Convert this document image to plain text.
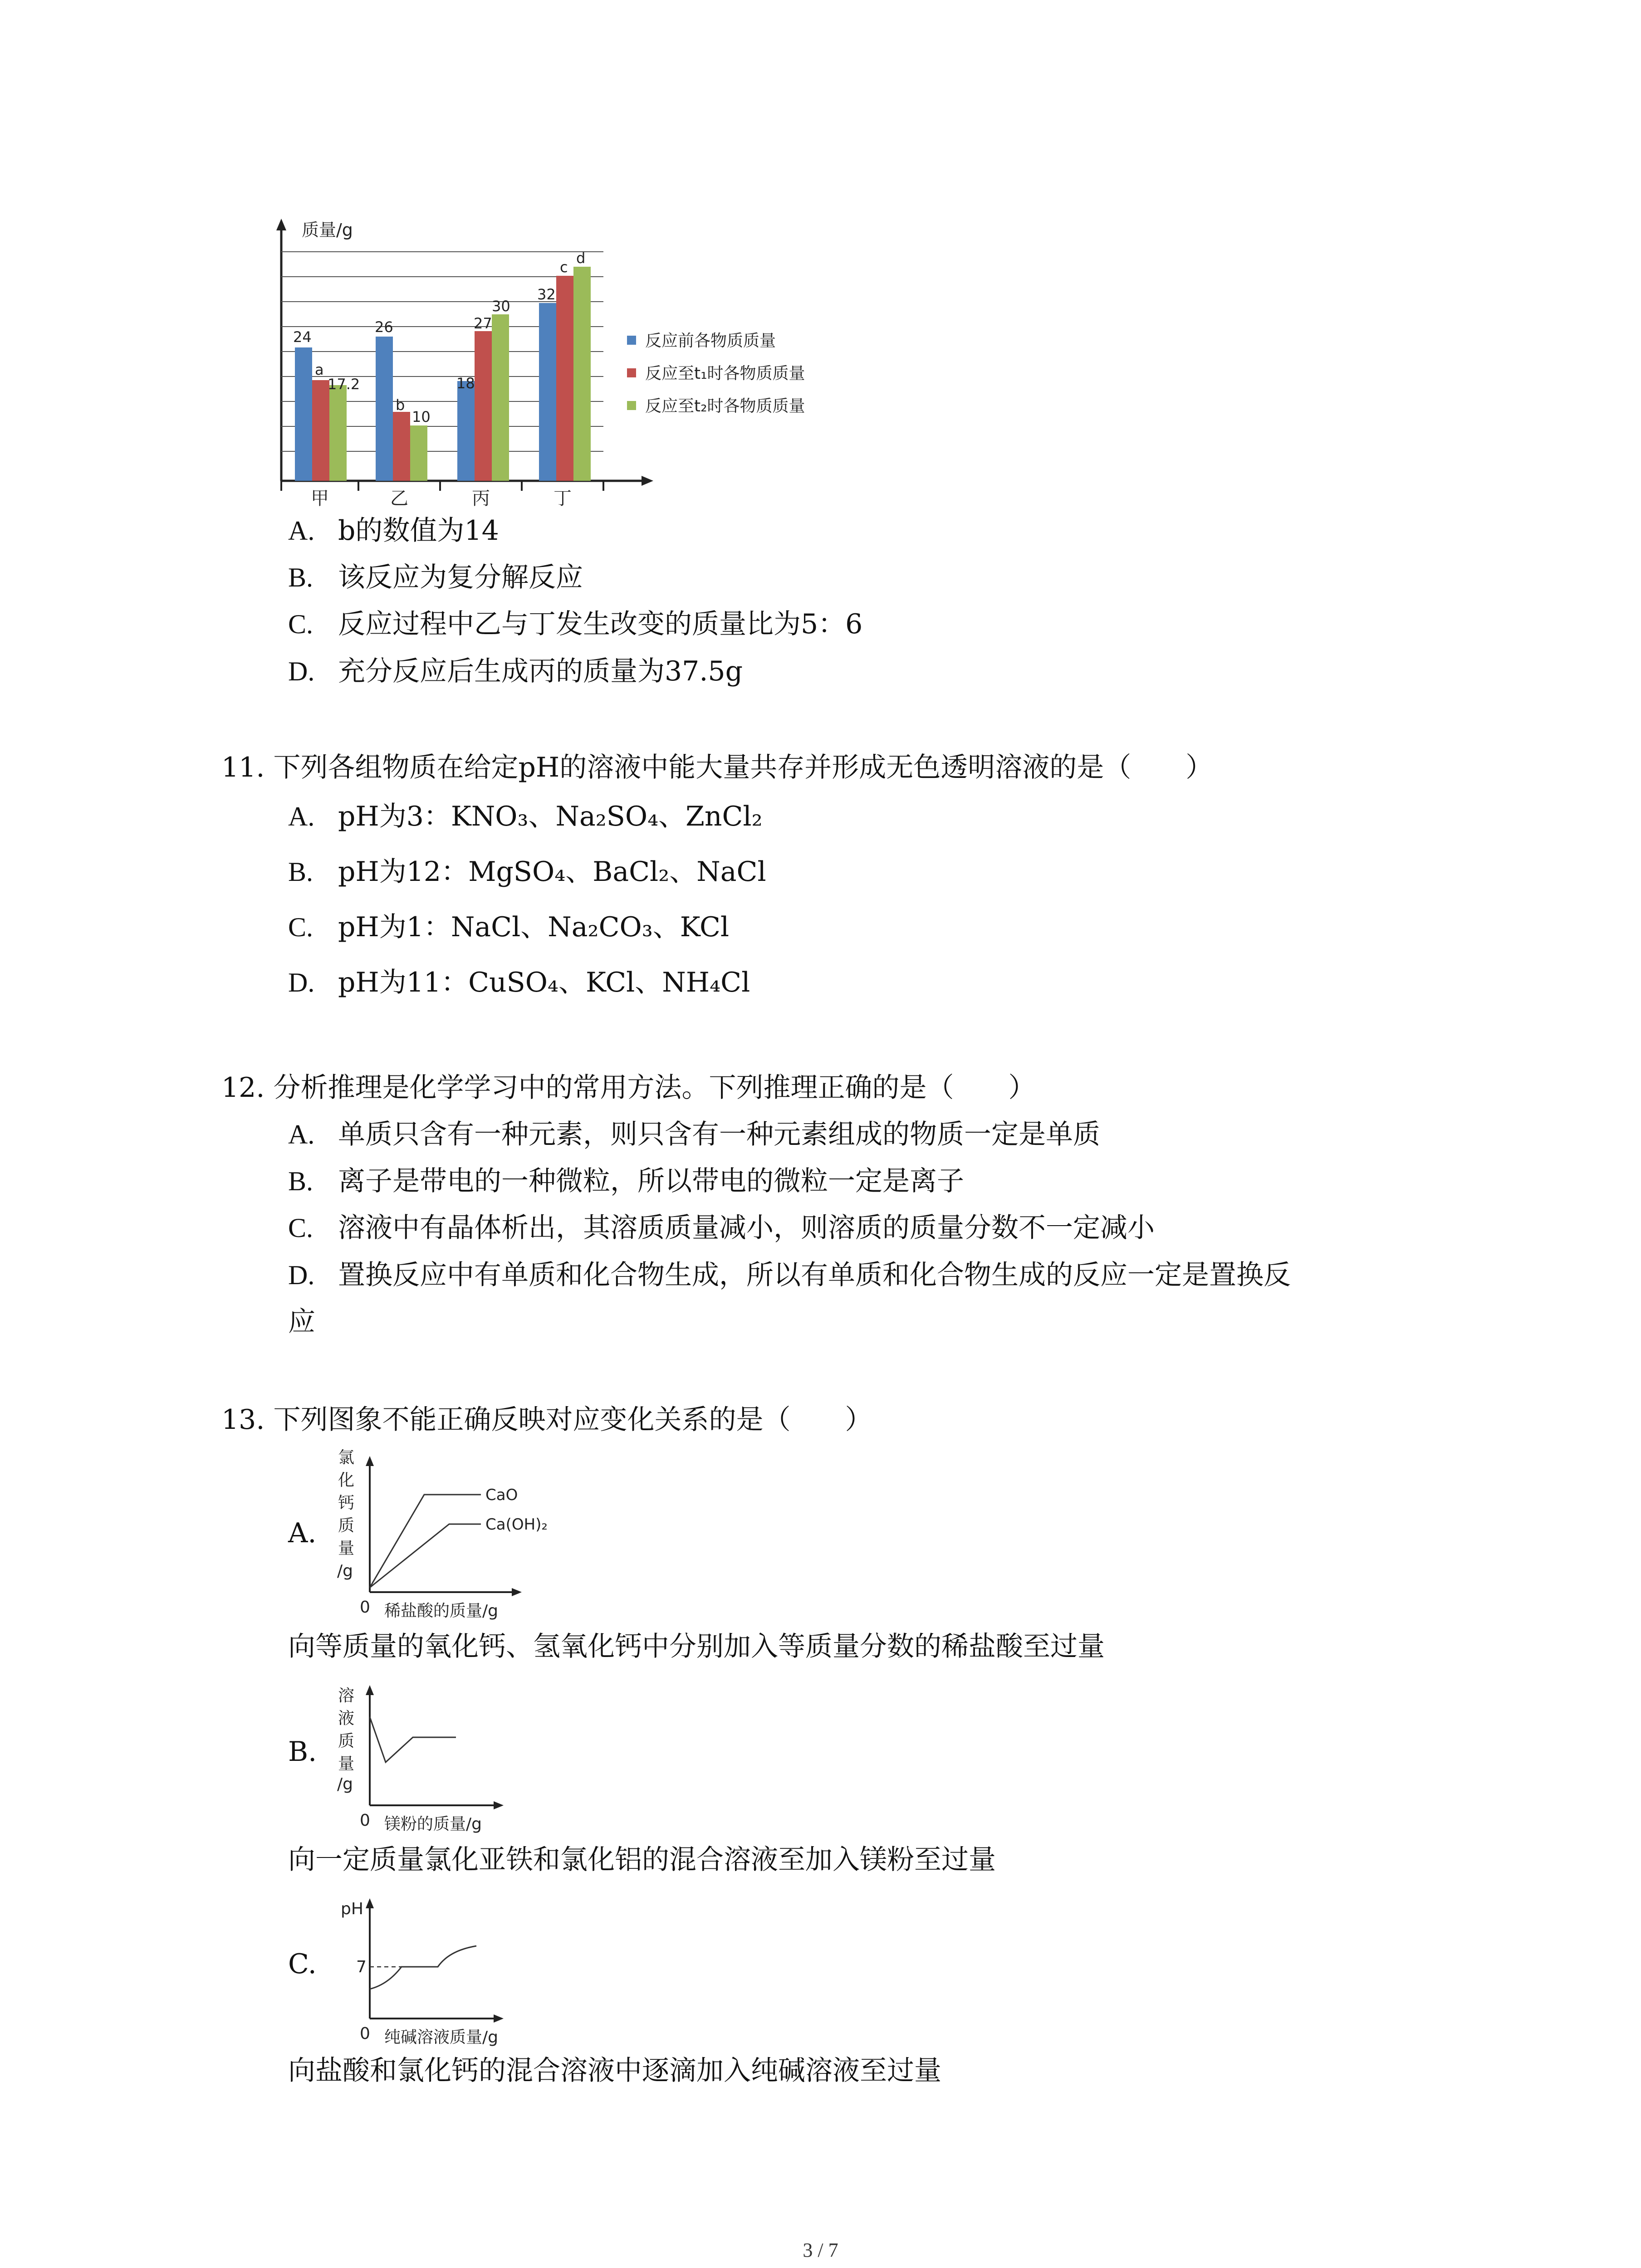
质量/g
24
a
17.2
26
b
10
18
27
30
32
c
d
甲	乙	丙	丁
反应前各物质质量
反应至t₁时各物质质量
反应至t₂时各物质质量
A. b的数值为14
B. 该反应为复分解反应
C. 反应过程中乙与丁发生改变的质量比为5：6
D. 充分反应后生成丙的质量为37.5g
11. 下列各组物质在给定pH的溶液中能大量共存并形成无色透明溶液的是（　　）
A. pH为3：KNO₃、Na₂SO₄、ZnCl₂
B. pH为12：MgSO₄、BaCl₂、NaCl
C. pH为1：NaCl、Na₂CO₃、KCl
D. pH为11：CuSO₄、KCl、NH₄Cl
12. 分析推理是化学学习中的常用方法。下列推理正确的是（　　）
A. 单质只含有一种元素，则只含有一种元素组成的物质一定是单质
B. 离子是带电的一种微粒，所以带电的微粒一定是离子
C. 溶液中有晶体析出，其溶质质量减小，则溶质的质量分数不一定减小
D. 置换反应中有单质和化合物生成，所以有单质和化合物生成的反应一定是置换反
应
13. 下列图象不能正确反映对应变化关系的是（　　）
A.
氯
化
钙
质
量
/g
0 稀盐酸的质量/g
CaO
Ca(OH)₂
向等质量的氧化钙、氢氧化钙中分别加入等质量分数的稀盐酸至过量
B.
溶
液
质
量
/g
0 镁粉的质量/g
向一定质量氯化亚铁和氯化铝的混合溶液至加入镁粉至过量
C.
pH
7
0 纯碱溶液质量/g
向盐酸和氯化钙的混合溶液中逐滴加入纯碱溶液至过量
3 / 7
